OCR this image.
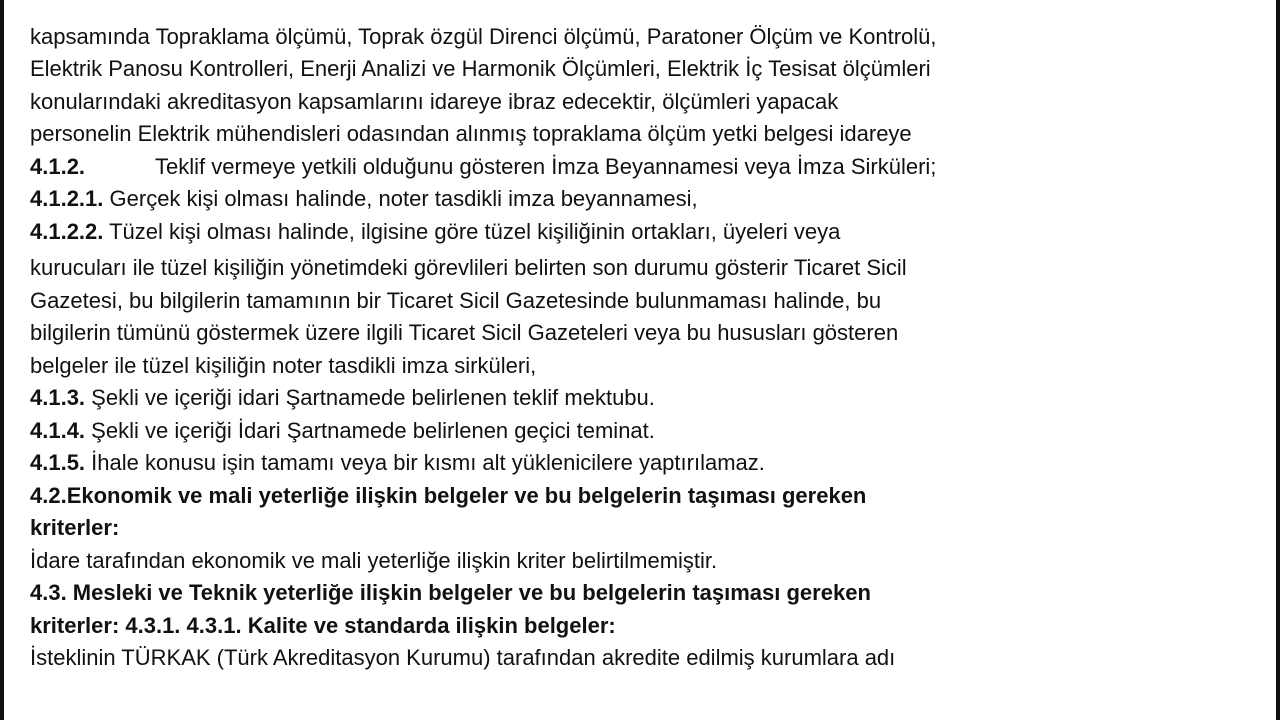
kapsamında Topraklama ölçümü, Toprak özgül Direnci ölçümü, Paratoner Ölçüm ve Kontrolü,
Elektrik Panosu Kontrolleri, Enerji Analizi ve Harmonik Ölçümleri, Elektrik İç Tesisat ölçümleri
konularındaki akreditasyon kapsamlarını idareye ibraz edecektir, ölçümleri yapacak
personelin Elektrik mühendisleri odasından alınmış topraklama ölçüm yetki belgesi idareye
4.1.2.	Teklif vermeye yetkili olduğunu gösteren İmza Beyannamesi veya İmza Sirküleri;
4.1.2.1. Gerçek kişi olması halinde, noter tasdikli imza beyannamesi,
4.1.2.2. Tüzel kişi olması halinde, ilgisine göre tüzel kişiliğinin ortakları, üyeleri veya
kurucuları ile tüzel kişiliğin yönetimdeki görevlileri belirten son durumu gösterir Ticaret Sicil
Gazetesi, bu bilgilerin tamamının bir Ticaret Sicil Gazetesinde bulunmaması halinde, bu
bilgilerin tümünü göstermek üzere ilgili Ticaret Sicil Gazeteleri veya bu hususları gösteren
belgeler ile tüzel kişiliğin noter tasdikli imza sirküleri,
4.1.3. Şekli ve içeriği idari Şartnamede belirlenen teklif mektubu.
4.1.4. Şekli ve içeriği İdari Şartnamede belirlenen geçici teminat.
4.1.5. İhale konusu işin tamamı veya bir kısmı alt yüklenicilere yaptırılamaz.
4.2.Ekonomik ve mali yeterliğe ilişkin belgeler ve bu belgelerin taşıması gereken
kriterler:
İdare tarafından ekonomik ve mali yeterliğe ilişkin kriter belirtilmemiştir.
4.3. Mesleki ve Teknik yeterliğe ilişkin belgeler ve bu belgelerin taşıması gereken
kriterler: 4.3.1. 4.3.1. Kalite ve standarda ilişkin belgeler:
İsteklinin TÜRKAK (Türk Akreditasyon Kurumu) tarafından akredite edilmiş kurumlara adı
